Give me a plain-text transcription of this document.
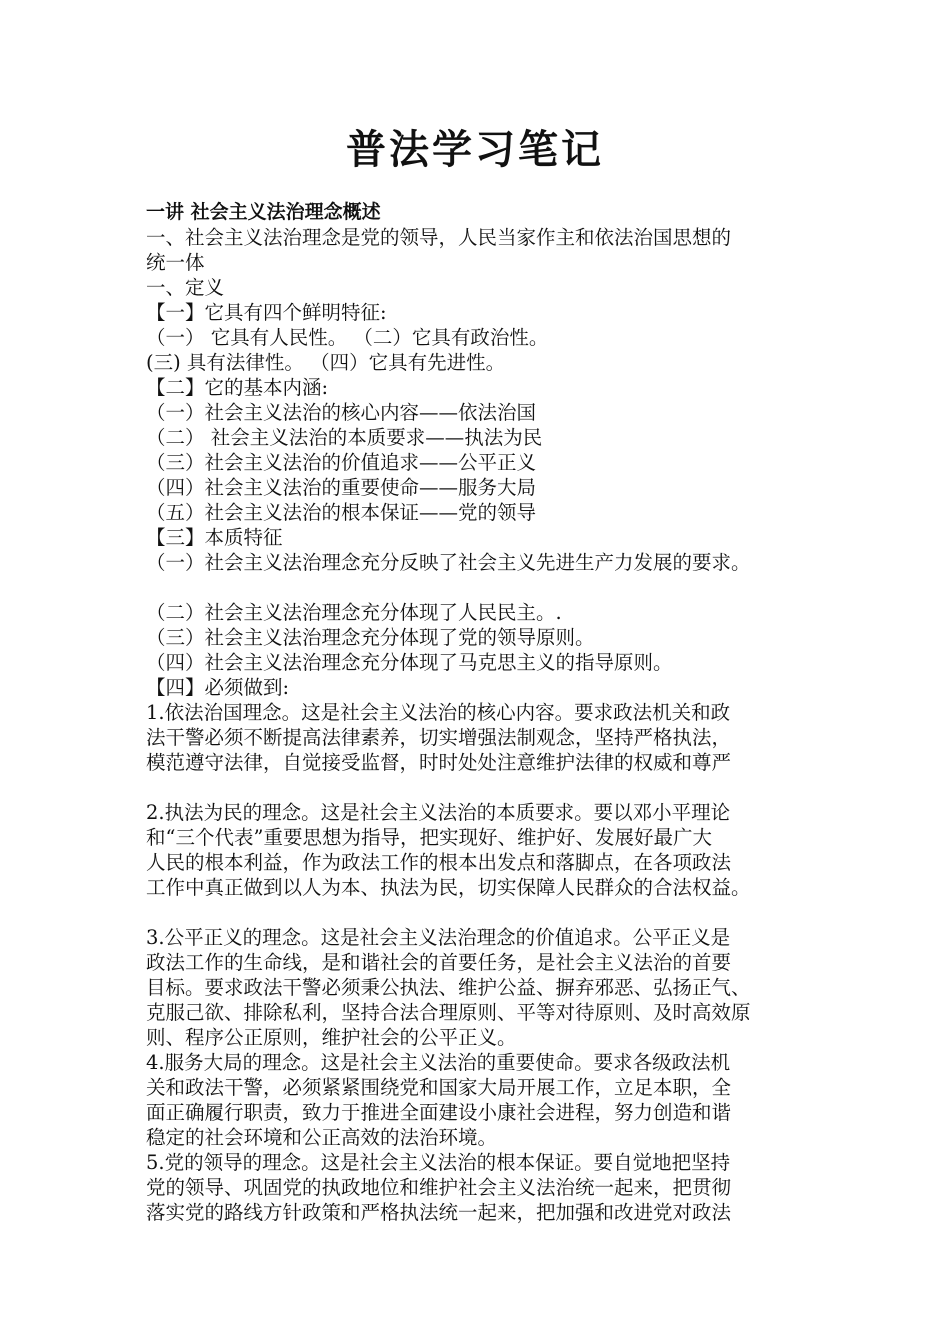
普法学习笔记

一讲 社会主义法治理念概述

一、社会主义法治理念是党的领导，人民当家作主和依法治国思想的

统一体

一、定义

【一】它具有四个鲜明特征:

（一） 它具有人民性。 （二）它具有政治性。

(三) 具有法律性。 （四）它具有先进性。

【二】它的基本内涵:

（一）社会主义法治的核心内容——依法治国

（二） 社会主义法治的本质要求——执法为民

（三）社会主义法治的价值追求——公平正义

（四）社会主义法治的重要使命——服务大局

（五）社会主义法治的根本保证——党的领导

【三】本质特征

（一）社会主义法治理念充分反映了社会主义先进生产力发展的要求。

（二）社会主义法治理念充分体现了人民民主。.

（三）社会主义法治理念充分体现了党的领导原则。

（四）社会主义法治理念充分体现了马克思主义的指导原则。

【四】必须做到:

1.依法治国理念。这是社会主义法治的核心内容。要求政法机关和政

法干警必须不断提高法律素养，切实增强法制观念，坚持严格执法，

模范遵守法律，自觉接受监督，时时处处注意维护法律的权威和尊严

2.执法为民的理念。这是社会主义法治的本质要求。要以邓小平理论

和“三个代表”重要思想为指导，把实现好、维护好、发展好最广大

人民的根本利益，作为政法工作的根本出发点和落脚点，在各项政法

工作中真正做到以人为本、执法为民，切实保障人民群众的合法权益。

3.公平正义的理念。这是社会主义法治理念的价值追求。公平正义是

政法工作的生命线，是和谐社会的首要任务，是社会主义法治的首要

目标。要求政法干警必须秉公执法、维护公益、摒弃邪恶、弘扬正气、

克服己欲、排除私利，坚持合法合理原则、平等对待原则、及时高效原

则、程序公正原则，维护社会的公平正义。

4.服务大局的理念。这是社会主义法治的重要使命。要求各级政法机

关和政法干警，必须紧紧围绕党和国家大局开展工作，立足本职，全

面正确履行职责，致力于推进全面建设小康社会进程，努力创造和谐

稳定的社会环境和公正高效的法治环境。

5.党的领导的理念。这是社会主义法治的根本保证。要自觉地把坚持

党的领导、巩固党的执政地位和维护社会主义法治统一起来，把贯彻

落实党的路线方针政策和严格执法统一起来，把加强和改进党对政法
